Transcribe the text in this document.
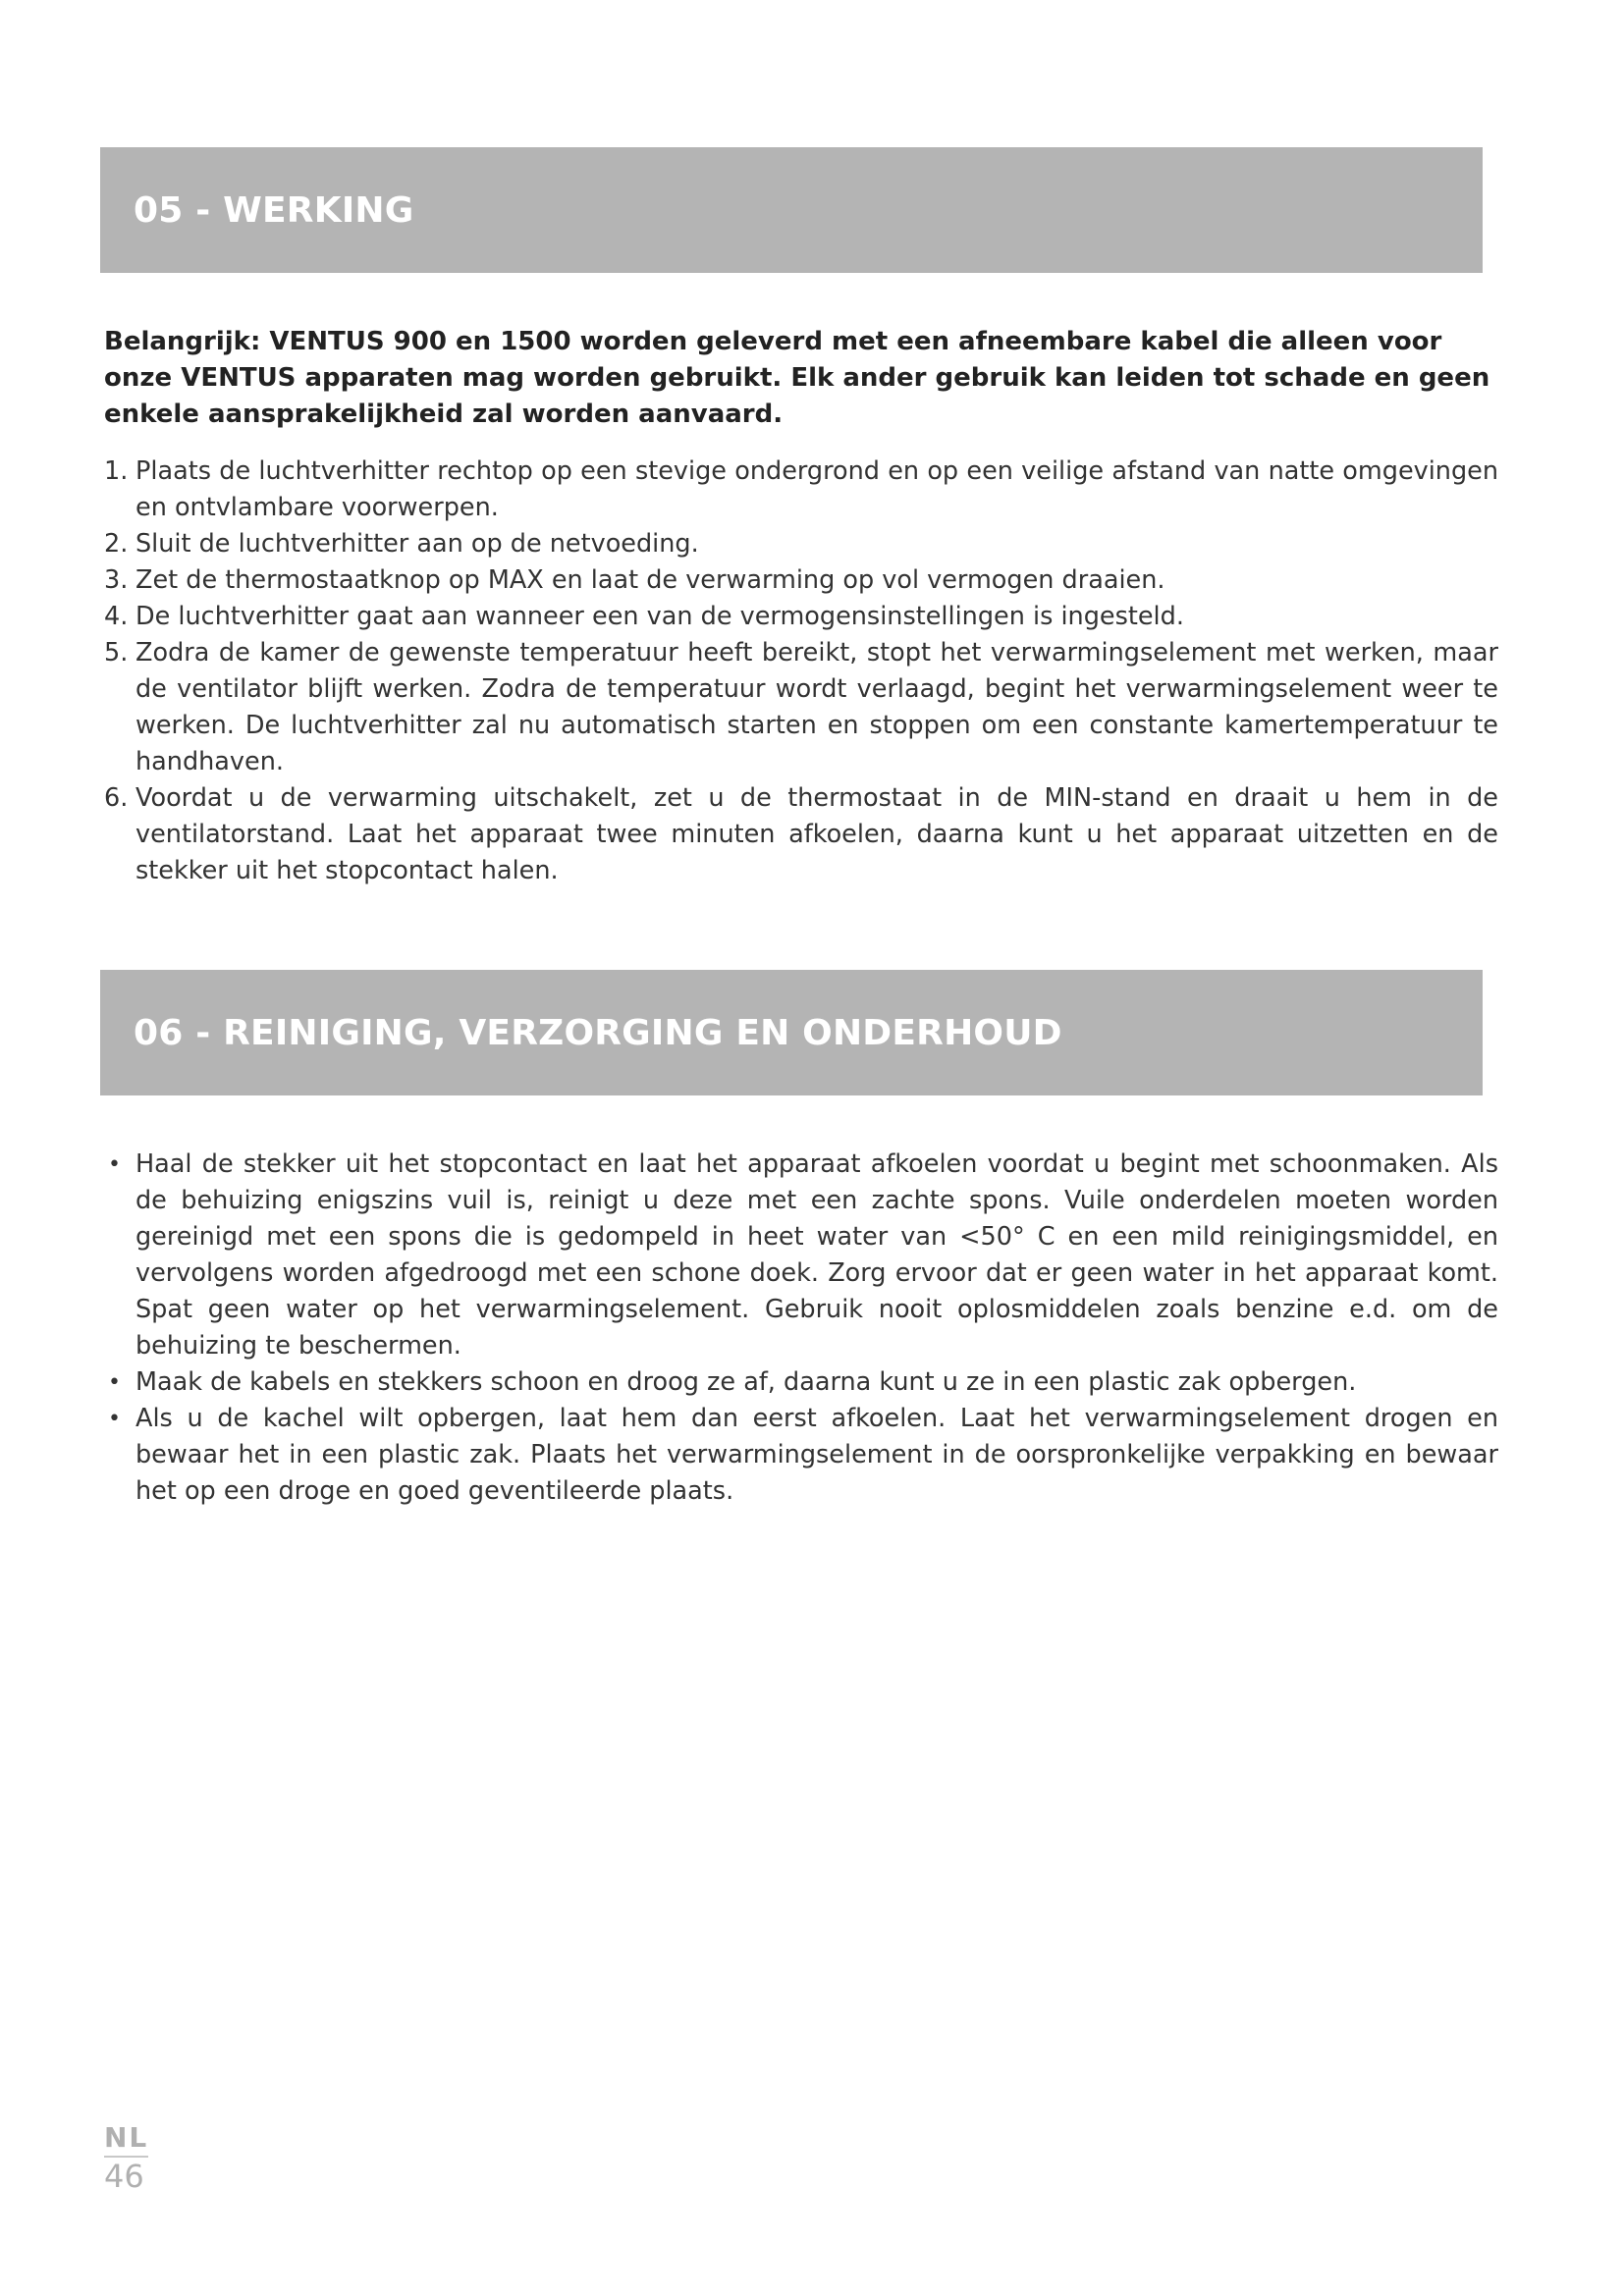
05 - WERKING

Belangrijk: VENTUS 900 en 1500 worden geleverd met een afneembare kabel die alleen voor onze VENTUS apparaten mag worden gebruikt. Elk ander gebruik kan leiden tot schade en geen enkele aansprakelijkheid zal worden aanvaard.

1. Plaats de luchtverhitter rechtop op een stevige ondergrond en op een veilige afstand van natte omgevingen en ontvlambare voorwerpen.
2. Sluit de luchtverhitter aan op de netvoeding.
3. Zet de thermostaatknop op MAX en laat de verwarming op vol vermogen draaien.
4. De luchtverhitter gaat aan wanneer een van de vermogensinstellingen is ingesteld.
5. Zodra de kamer de gewenste temperatuur heeft bereikt, stopt het verwarmingselement met werken, maar de ventilator blijft werken. Zodra de temperatuur wordt verlaagd, begint het verwarmingselement weer te werken. De luchtverhitter zal nu automatisch starten en stoppen om een constante kamertemperatuur te handhaven.
6. Voordat u de verwarming uitschakelt, zet u de thermostaat in de MIN-stand en draait u hem in de ventilatorstand. Laat het apparaat twee minuten afkoelen, daarna kunt u het apparaat uitzetten en de stekker uit het stopcontact halen.
06 - REINIGING, VERZORGING EN ONDERHOUD
• Haal de stekker uit het stopcontact en laat het apparaat afkoelen voordat u begint met schoonmaken. Als de behuizing enigszins vuil is, reinigt u deze met een zachte spons. Vuile onderdelen moeten worden gereinigd met een spons die is gedompeld in heet water van <50° C en een mild reinigingsmiddel, en vervolgens worden afgedroogd met een schone doek. Zorg ervoor dat er geen water in het apparaat komt. Spat geen water op het verwarmingselement. Gebruik nooit oplosmiddelen zoals benzine e.d. om de behuizing te beschermen.
• Maak de kabels en stekkers schoon en droog ze af, daarna kunt u ze in een plastic zak opbergen.
• Als u de kachel wilt opbergen, laat hem dan eerst afkoelen. Laat het verwarmingselement drogen en bewaar het in een plastic zak. Plaats het verwarmingselement in de oorspronkelijke verpakking en bewaar het op een droge en goed geventileerde plaats.
NL
46
